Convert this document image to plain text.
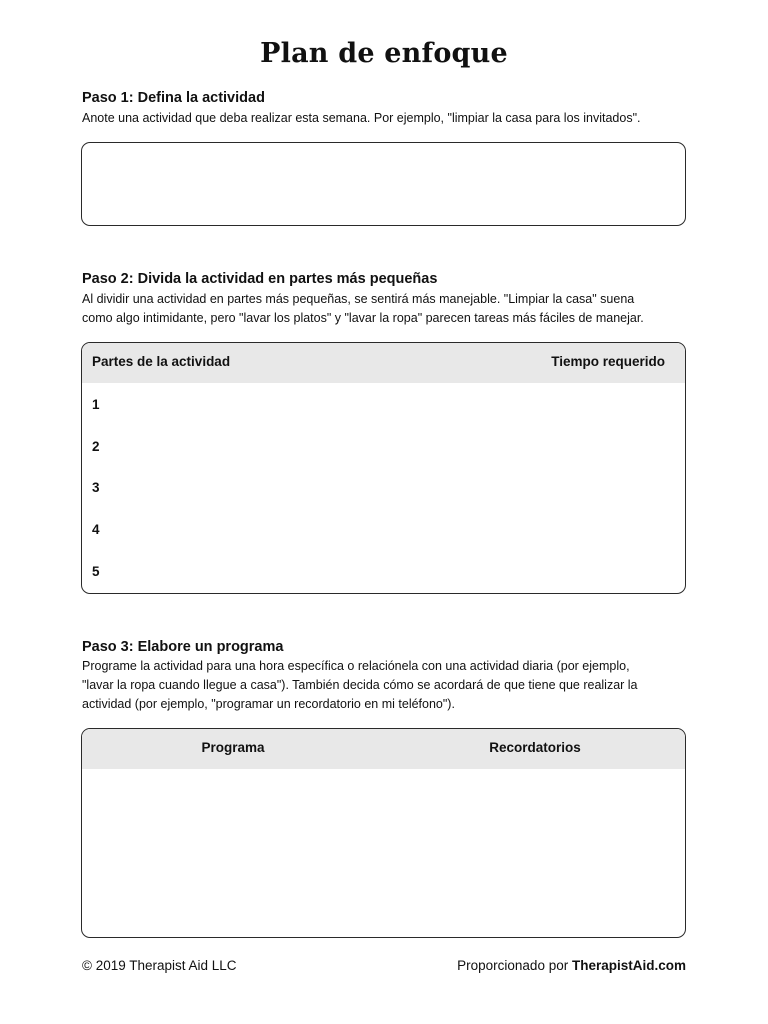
Plan de enfoque
Paso 1: Defina la actividad
Anote una actividad que deba realizar esta semana. Por ejemplo, "limpiar la casa para los invitados".
Paso 2: Divida la actividad en partes más pequeñas
Al dividir una actividad en partes más pequeñas, se sentirá más manejable. "Limpiar la casa" suena
como algo intimidante, pero "lavar los platos" y "lavar la ropa" parecen tareas más fáciles de manejar.
Partes de la actividad	Tiempo requerido
1
2
3
4
5
Paso 3: Elabore un programa
Programe la actividad para una hora específica o relaciónela con una actividad diaria (por ejemplo,
"lavar la ropa cuando llegue a casa"). También decida cómo se acordará de que tiene que realizar la
actividad (por ejemplo, "programar un recordatorio en mi teléfono").
Programa	Recordatorios
© 2019 Therapist Aid LLC	Proporcionado por TherapistAid.com
